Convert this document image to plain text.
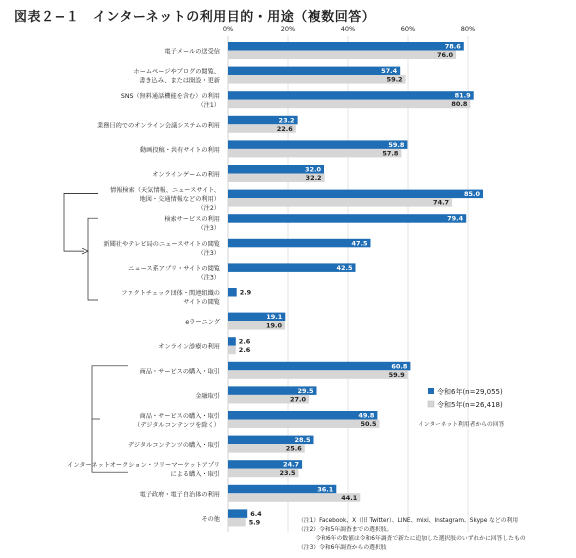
図表２−１　インターネットの利用目的・用途（複数回答）
0%	20%	40%	60%	80%
電子メールの送受信
78.6
76.0
ホームページやブログの閲覧、
書き込み、または開設・更新
57.4
59.2
SNS（無料通話機能を含む）の利用
（注1）
81.9
80.8
業務目的でのオンライン会議システムの利用
23.2
22.6
動画投稿・共有サイトの利用
59.8
57.8
オンラインゲームの利用
32.0
32.2
情報検索（天気情報、ニュースサイト、
地図・交通情報などの利用）
（注2）
85.0
74.7
検索サービスの利用
（注3）
79.4
新聞社やテレビ局のニュースサイトの閲覧
（注3）
47.5
ニュース系アプリ・サイトの閲覧
（注3）
42.5
ファクトチェック団体・関連組織の
サイトの閲覧
2.9
eラーニング
19.1
19.0
オンライン診療の利用
2.6
2.6
商品・サービスの購入・取引
60.8
59.9
金融取引
29.5
27.0
商品・サービスの購入・取引
（デジタルコンテンツを除く）
49.8
50.5
デジタルコンテンツの購入・取引
28.5
25.6
インターネットオークション・フリーマーケットアプリ
による購入・取引
24.7
23.5
電子政府・電子自治体の利用
36.1
44.1
その他
6.4
5.9
令和6年(n=29,055)
令和5年(n=26,418)
インターネット利用者からの回答
（注1）Facebook、X（旧 Twitter）、LINE、mixi、Instagram、Skype などの利用
（注2）令和5年調査までの選択肢。
　　　令和6年の数値は令和6年調査で新たに追加した選択肢のいずれかに回答したもの
（注3）令和6年調査からの選択肢
